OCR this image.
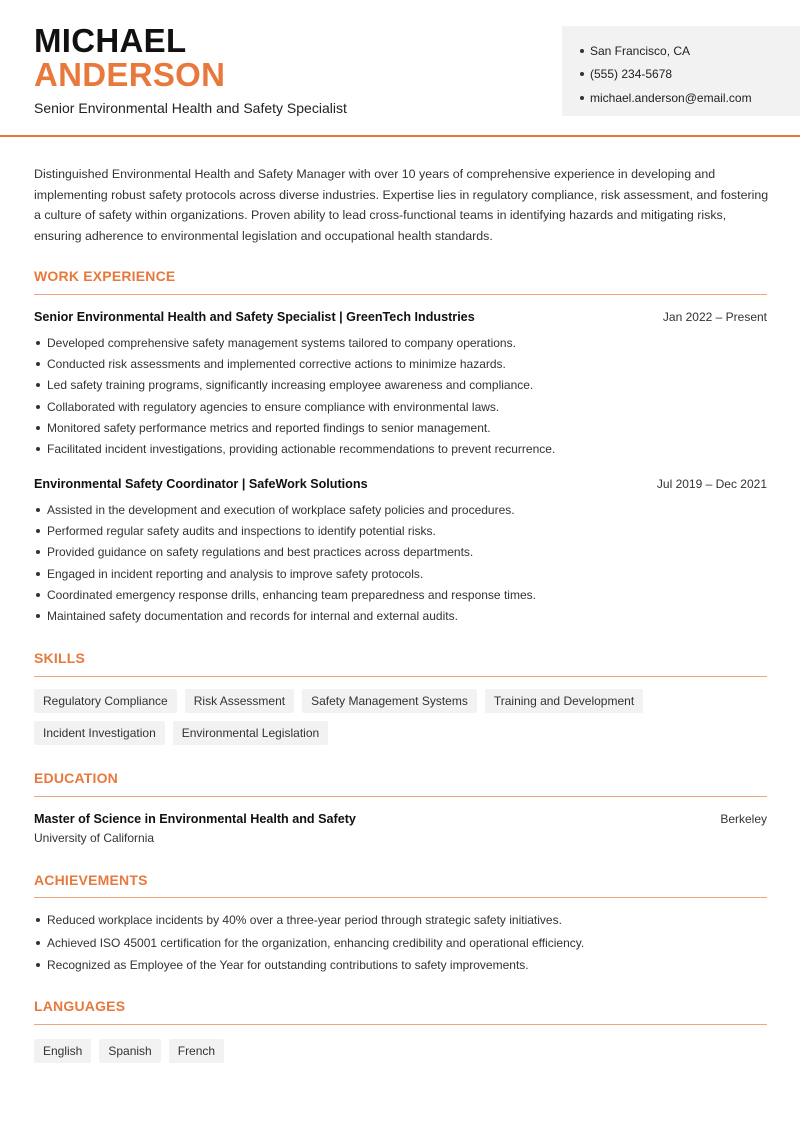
MICHAEL
ANDERSON
Senior Environmental Health and Safety Specialist
San Francisco, CA
(555) 234-5678
michael.anderson@email.com
Distinguished Environmental Health and Safety Manager with over 10 years of comprehensive experience in developing and implementing robust safety protocols across diverse industries. Expertise lies in regulatory compliance, risk assessment, and fostering a culture of safety within organizations. Proven ability to lead cross-functional teams in identifying hazards and mitigating risks, ensuring adherence to environmental legislation and occupational health standards.
WORK EXPERIENCE
Senior Environmental Health and Safety Specialist | GreenTech Industries	Jan 2022 – Present
Developed comprehensive safety management systems tailored to company operations.
Conducted risk assessments and implemented corrective actions to minimize hazards.
Led safety training programs, significantly increasing employee awareness and compliance.
Collaborated with regulatory agencies to ensure compliance with environmental laws.
Monitored safety performance metrics and reported findings to senior management.
Facilitated incident investigations, providing actionable recommendations to prevent recurrence.
Environmental Safety Coordinator | SafeWork Solutions	Jul 2019 – Dec 2021
Assisted in the development and execution of workplace safety policies and procedures.
Performed regular safety audits and inspections to identify potential risks.
Provided guidance on safety regulations and best practices across departments.
Engaged in incident reporting and analysis to improve safety protocols.
Coordinated emergency response drills, enhancing team preparedness and response times.
Maintained safety documentation and records for internal and external audits.
SKILLS
Regulatory Compliance	Risk Assessment	Safety Management Systems	Training and Development
Incident Investigation	Environmental Legislation
EDUCATION
Master of Science in Environmental Health and Safety	Berkeley
University of California
ACHIEVEMENTS
Reduced workplace incidents by 40% over a three-year period through strategic safety initiatives.
Achieved ISO 45001 certification for the organization, enhancing credibility and operational efficiency.
Recognized as Employee of the Year for outstanding contributions to safety improvements.
LANGUAGES
English	Spanish	French
